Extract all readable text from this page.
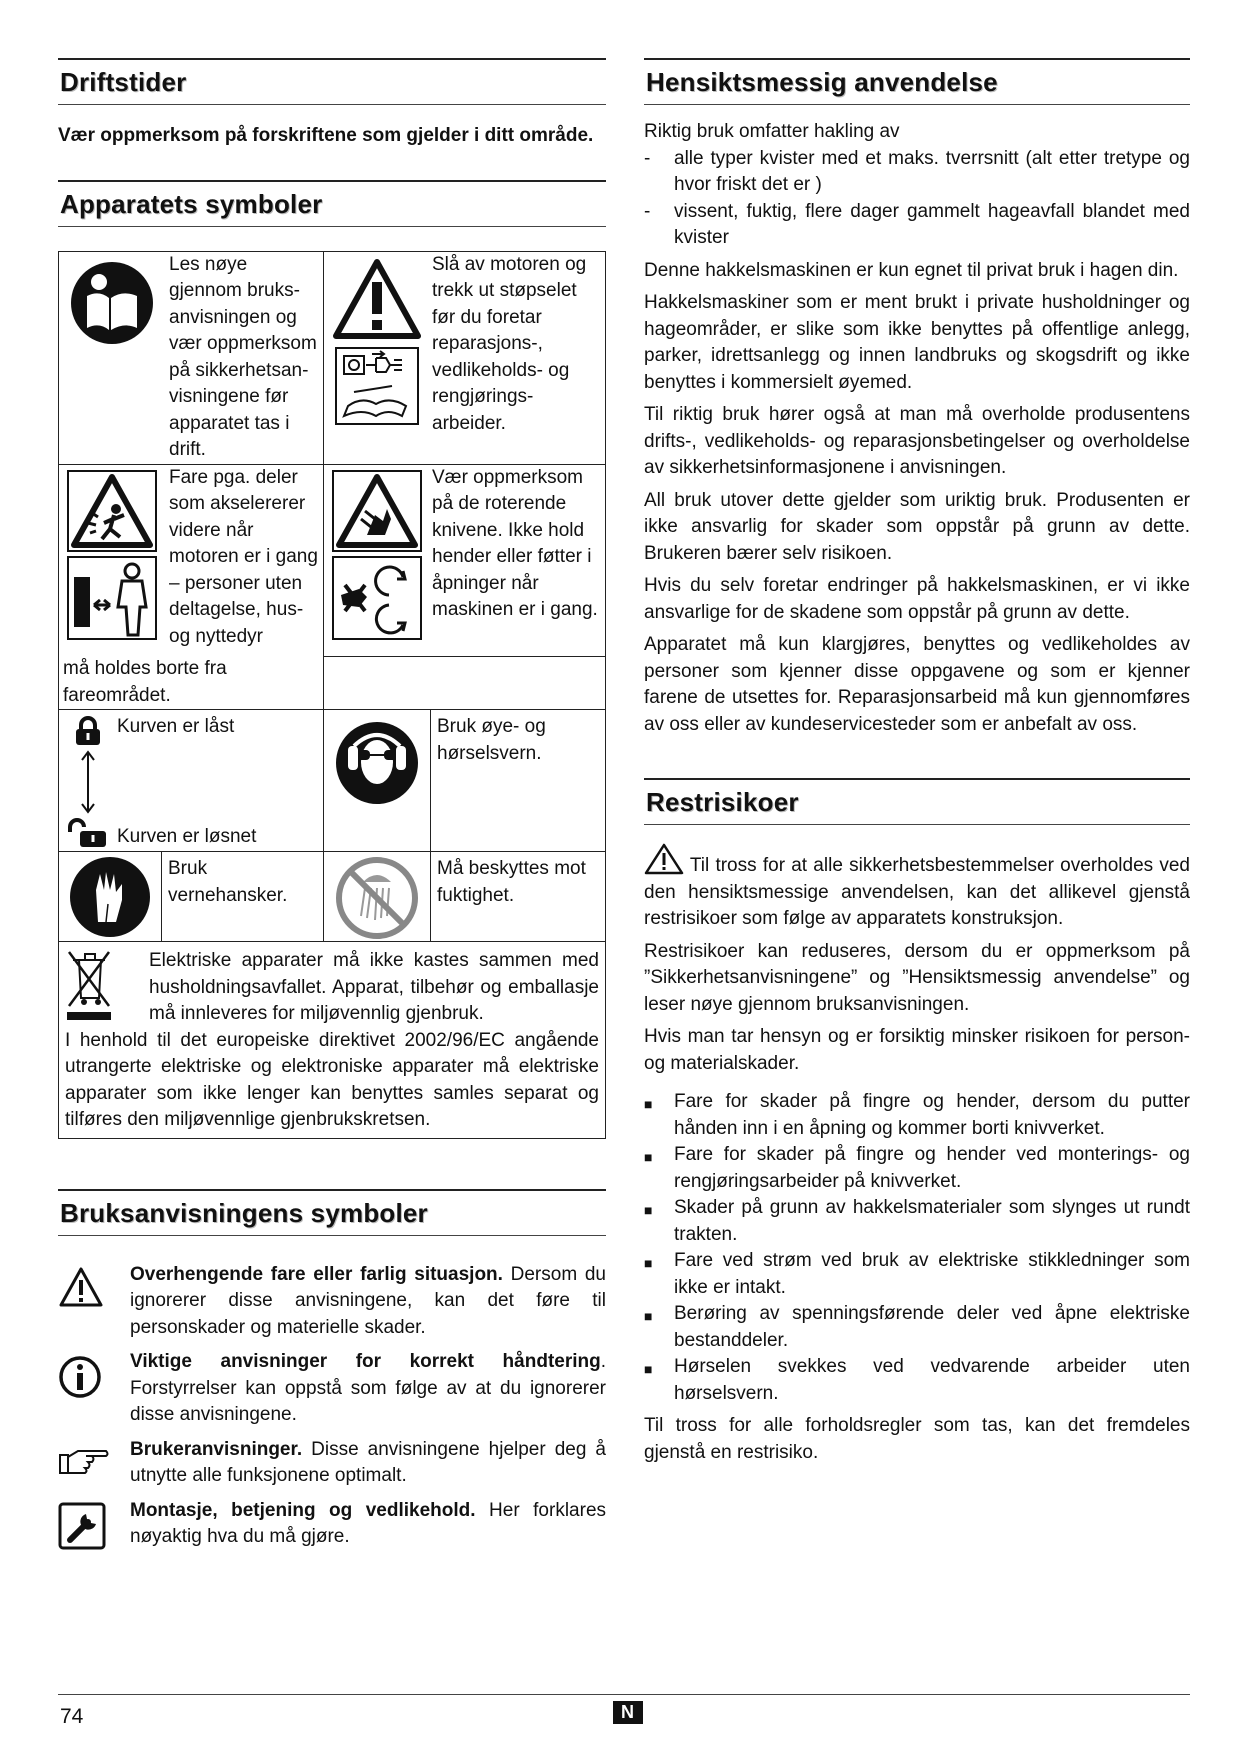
Driftstider

Vær oppmerksom på forskriftene som gjelder i ditt område.

Apparatets symboler
Les nøye gjennom bruks-anvisningen og vær oppmerksom på sikkerhetsan-visningene før apparatet tas i drift.	Slå av motoren og trekk ut støpselet før du foretar reparasjons-, vedlikeholds- og rengjørings-arbeider.

Fare pga. deler som akselererer videre når motoren er i gang – personer uten deltagelse, hus- og nyttedyr	Vær oppmerksom på de roterende knivene. Ikke hold hender eller føtter i åpninger når maskinen er i gang.

må holdes borte fra fareområdet.	

Kurven er låst
Kurven er løsnet	Bruk øye- og hørselsvern.

Bruk vernehansker.	Må beskyttes mot fuktighet.

Elektriske apparater må ikke kastes sammen med husholdningsavfallet. Apparat, tilbehør og emballasje må innleveres for miljøvennlig gjenbruk.
I henhold til det europeiske direktivet 2002/96/EC angående utrangerte elektriske og elektroniske apparater må elektriske apparater som ikke lenger kan benyttes samles separat og tilføres den miljøvennlige gjenbrukskretsen.	
Bruksanvisningens symboler
Overhengende fare eller farlig situasjon. Dersom du ignorerer disse anvisningene, kan det føre til personskader og materielle skader.
Viktige anvisninger for korrekt håndtering. Forstyrrelser kan oppstå som følge av at du ignorerer disse anvisningene.
Brukeranvisninger. Disse anvisningene hjelper deg å utnytte alle funksjonene optimalt.
Montasje, betjening og vedlikehold. Her forklares nøyaktig hva du må gjøre.
Hensiktsmessig anvendelse

Riktig bruk omfatter hakling av

-	alle typer kvister med et maks. tverrsnitt (alt etter tretype og hvor friskt det er )
-	vissent, fuktig, flere dager gammelt hageavfall blandet med kvister

Denne hakkelsmaskinen er kun egnet til privat bruk i hagen din.

Hakkelsmaskiner som er ment brukt i private husholdninger og hageområder, er slike som ikke benyttes på offentlige anlegg, parker, idrettsanlegg og innen landbruks og skogsdrift og ikke benyttes i kommersielt øyemed.

Til riktig bruk hører også at man må overholde produsentens drifts-, vedlikeholds- og reparasjonsbetingelser og overholdelse av sikkerhetsinformasjonene i anvisningen.

All bruk utover dette gjelder som uriktig bruk. Produsenten er ikke ansvarlig for skader som oppstår på grunn av dette. Brukeren bærer selv risikoen.

Hvis du selv foretar endringer på hakkelsmaskinen, er vi ikke ansvarlige for de skadene som oppstår på grunn av dette.

Apparatet må kun klargjøres, benyttes og vedlikeholdes av personer som kjenner disse oppgavene og som er kjenner farene de utsettes for. Reparasjonsarbeid må kun gjennomføres av oss eller av kundeservicesteder som er anbefalt av oss.

Restrisikoer

Til tross for at alle sikkerhetsbestemmelser overholdes ved den hensiktsmessige anvendelsen, kan det allikevel gjenstå restrisikoer som følge av apparatets konstruksjon.

Restrisikoer kan reduseres, dersom du er oppmerksom på ”Sikkerhetsanvisningene” og ”Hensiktsmessig anvendelse” og leser nøye gjennom bruksanvisningen.

Hvis man tar hensyn og er forsiktig minsker risikoen for person- og materialskader.

■	Fare for skader på fingre og hender, dersom du putter hånden inn i en åpning og kommer borti knivverket.
■	Fare for skader på fingre og hender ved monterings- og rengjøringsarbeider på knivverket.
■	Skader på grunn av hakkelsmaterialer som slynges ut rundt trakten.
■	Fare ved strøm ved bruk av elektriske stikkledninger som ikke er intakt.
■	Berøring av spenningsførende deler ved åpne elektriske bestanddeler.
■	Hørselen svekkes ved vedvarende arbeider uten hørselsvern.

Til tross for alle forholdsregler som tas, kan det fremdeles gjenstå en restrisiko.

74	N
